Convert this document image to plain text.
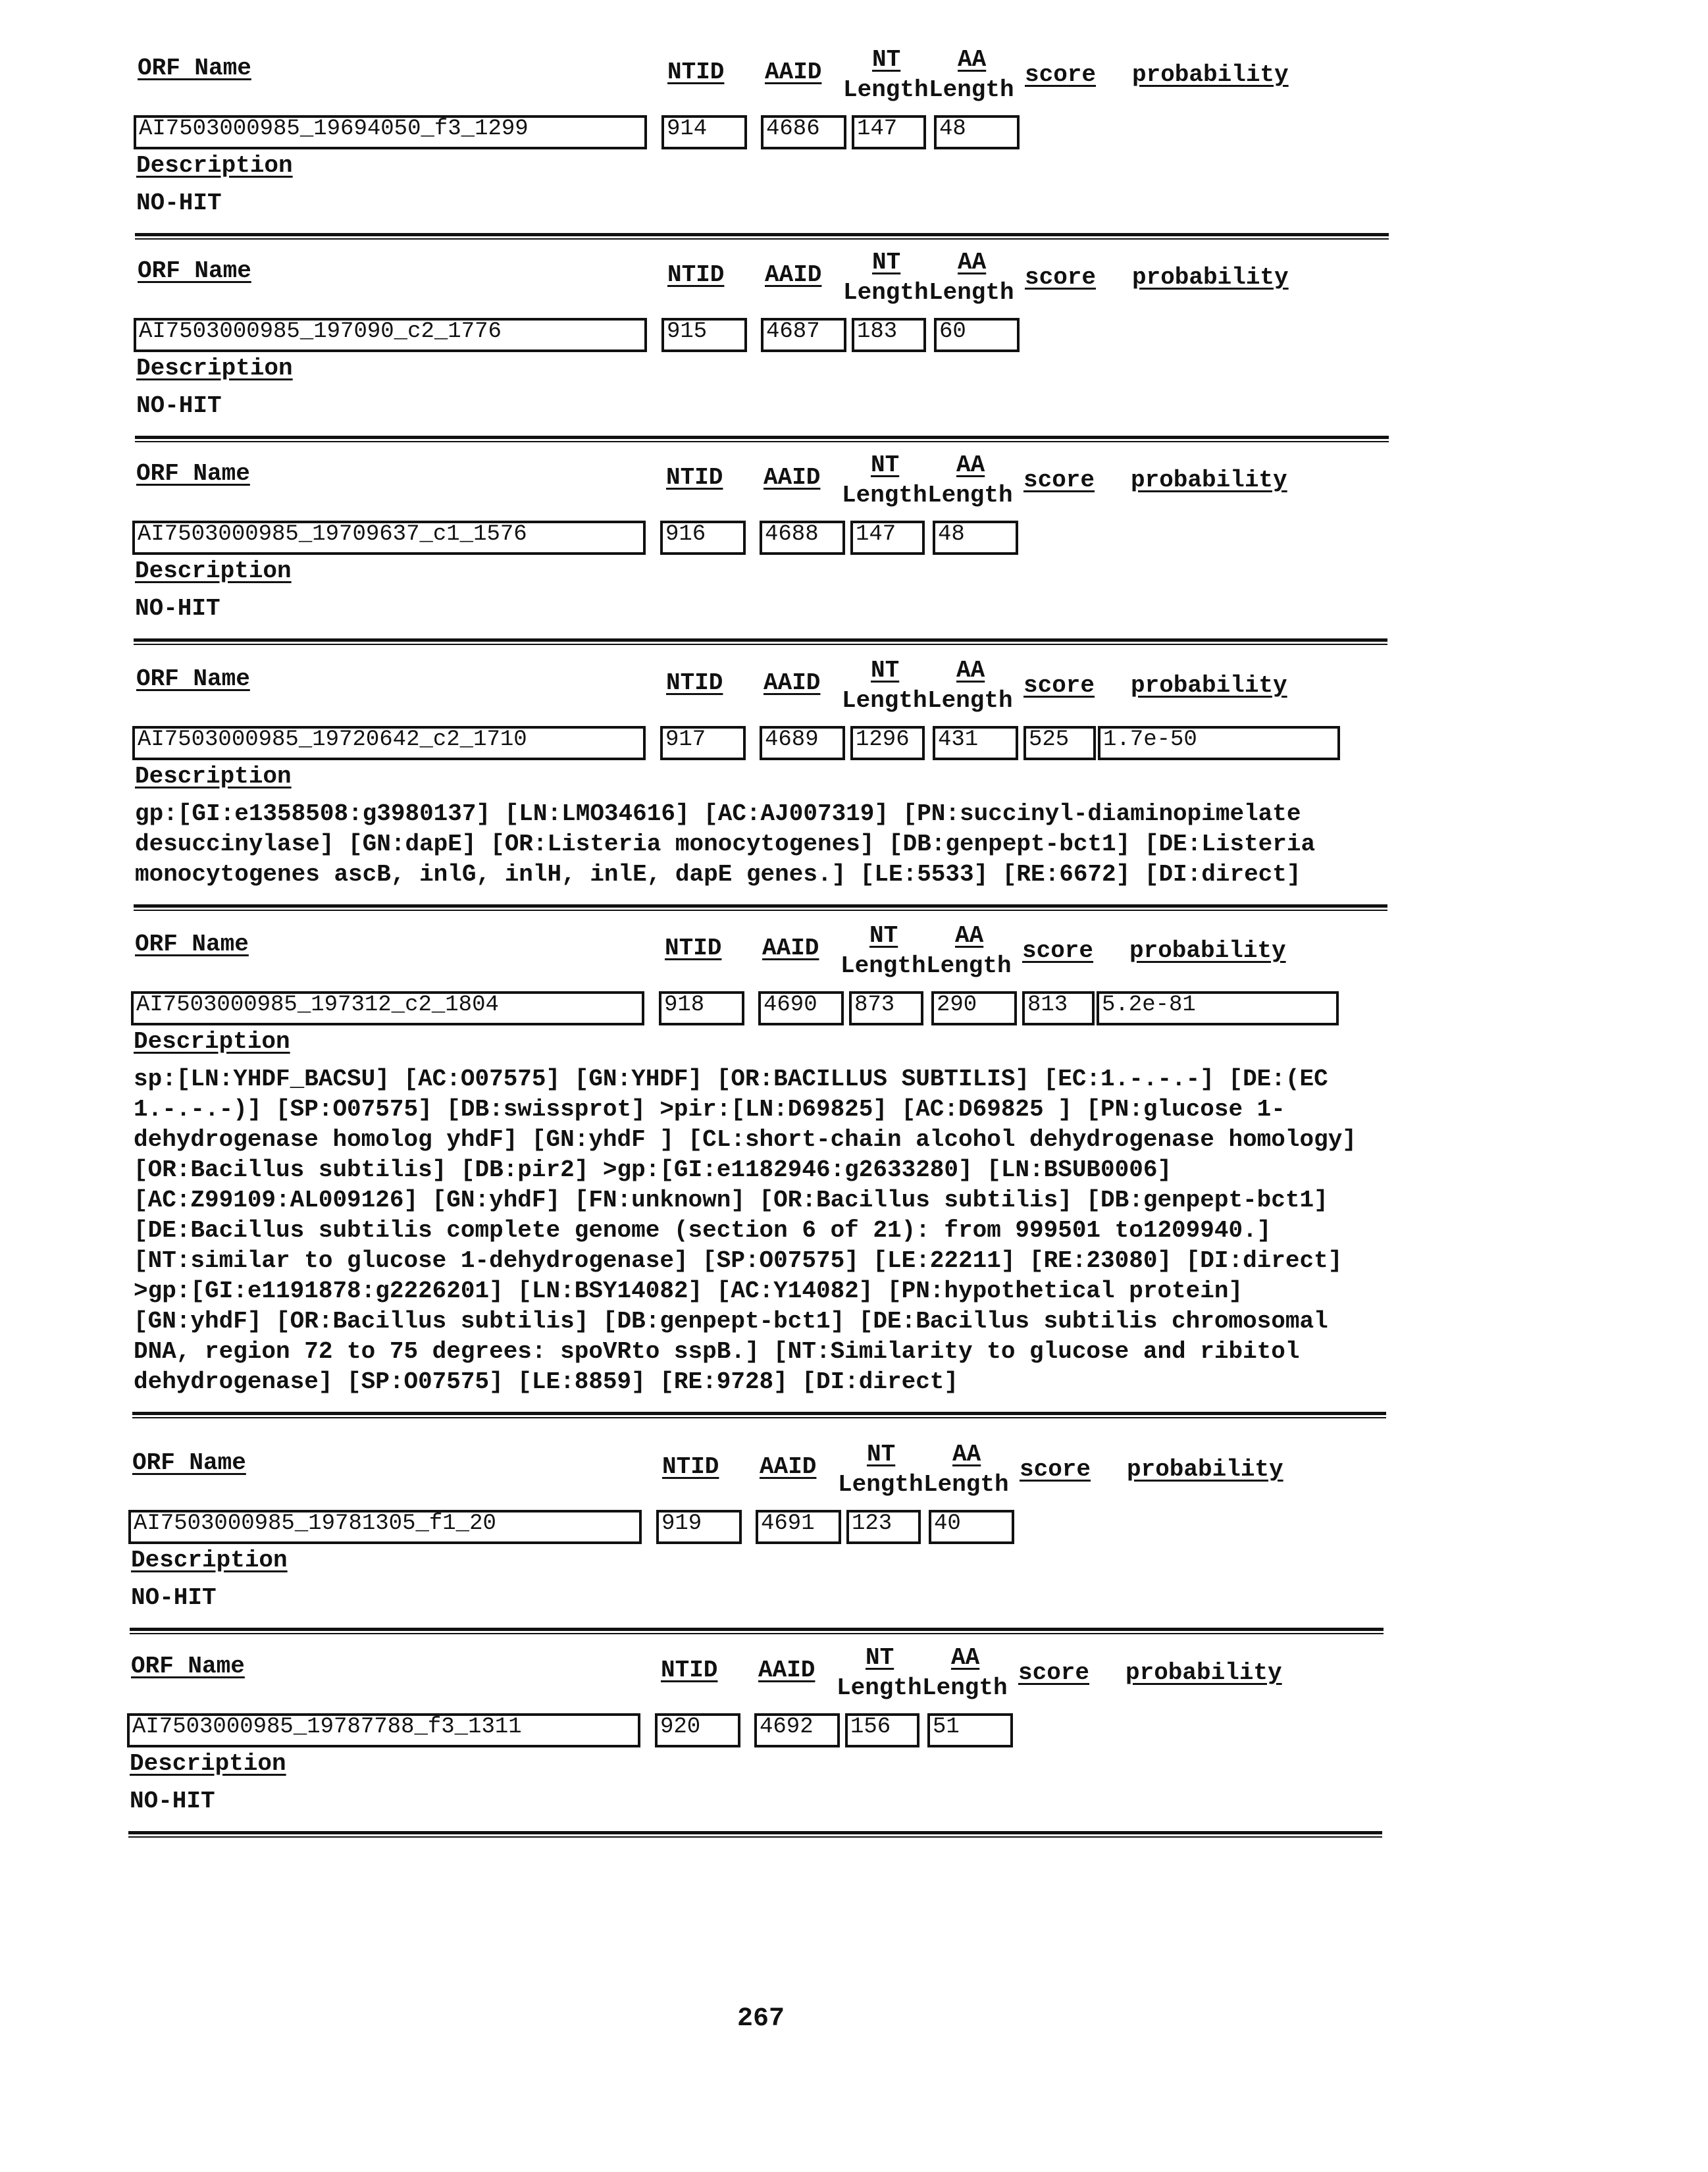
ORF Name	NTID AAID NT
Length
AA
Length
score probability
AI7503000985_19694050_f3_1299	914	4686	147	48
Description
NO-HIT
ORF Name	NTID AAID NT
Length
AA
Length
score probability
AI7503000985_197090_c2_1776	915	4687	183	60
Description
NO-HIT
ORF Name	NTID AAID NT
Length
AA
Length
score probability
AI7503000985_19709637_c1_1576	916	4688	147	48
Description
NO-HIT
ORF Name	NTID AAID NT
Length
AA
Length
score probability
AI7503000985_19720642_c2_1710	917	4689	1296	431	525	1.7e-50
Description
gp:[GI:e1358508:g3980137] [LN:LMO34616] [AC:AJ007319] [PN:succinyl-diaminopimelate desuccinylase] [GN:dapE] [OR:Listeria monocytogenes] [DB:genpept-bct1] [DE:Listeria monocytogenes ascB, inlG, inlH, inlE, dapE genes.] [LE:5533] [RE:6672] [DI:direct]
ORF Name	NTID AAID NT
Length
AA
Length
score probability
AI7503000985_197312_c2_1804	918	4690	873	290	813	5.2e-81
Description
sp:[LN:YHDF_BACSU] [AC:O07575] [GN:YHDF] [OR:BACILLUS SUBTILIS] [EC:1.-.-.-] [DE:(EC 1.-.-.-)] [SP:O07575] [DB:swissprot] >pir:[LN:D69825] [AC:D69825 ] [PN:glucose 1-dehydrogenase homolog yhdF] [GN:yhdF ] [CL:short-chain alcohol dehydrogenase homology] [OR:Bacillus subtilis] [DB:pir2] >gp:[GI:e1182946:g2633280] [LN:BSUB0006] [AC:Z99109:AL009126] [GN:yhdF] [FN:unknown] [OR:Bacillus subtilis] [DB:genpept-bct1] [DE:Bacillus subtilis complete genome (section 6 of 21): from 999501 to1209940.] [NT:similar to glucose 1-dehydrogenase] [SP:O07575] [LE:22211] [RE:23080] [DI:direct] >gp:[GI:e1191878:g2226201] [LN:BSY14082] [AC:Y14082] [PN:hypothetical protein] [GN:yhdF] [OR:Bacillus subtilis] [DB:genpept-bct1] [DE:Bacillus subtilis chromosomal DNA, region 72 to 75 degrees: spoVRto sspB.] [NT:Similarity to glucose and ribitol dehydrogenase] [SP:O07575] [LE:8859] [RE:9728] [DI:direct]
ORF Name	NTID AAID NT
Length
AA
Length
score probability
AI7503000985_19781305_f1_20	919	4691	123	40
Description
NO-HIT
ORF Name	NTID AAID NT
Length
AA
Length
score probability
AI7503000985_19787788_f3_1311	920	4692	156	51
Description
NO-HIT
267
